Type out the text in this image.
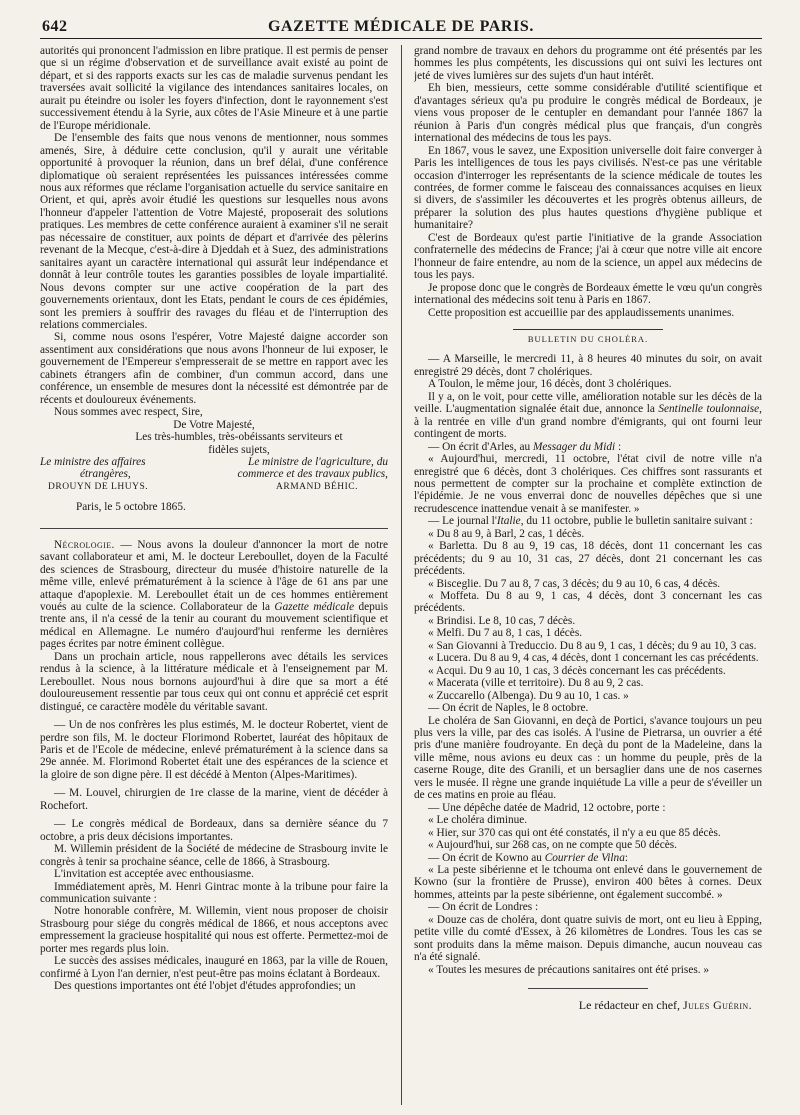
642	GAZETTE MÉDICALE DE PARIS.

autorités qui prononcent l'admission en libre pratique. Il est permis de penser que si un régime d'observation et de surveillance avait existé au point de départ, et si des rapports exacts sur les cas de maladie survenus pendant les traversées avait sollicité la vigilance des intendances sanitaires locales, on aurait pu éteindre ou isoler les foyers d'infection, dont le rayonnement s'est successivement étendu à la Syrie, aux côtes de l'Asie Mineure et à une partie de l'Europe méridionale.

De l'ensemble des faits que nous venons de mentionner, nous sommes amenés, Sire, à déduire cette conclusion, qu'il y aurait une véritable opportunité à provoquer la réunion, dans un bref délai, d'une conférence diplomatique où seraient représentées les puissances intéressées comme nous aux réformes que réclame l'organisation actuelle du service sanitaire en Orient, et qui, après avoir étudié les questions sur lesquelles nous avons l'honneur d'appeler l'attention de Votre Majesté, proposerait des solutions pratiques. Les membres de cette conférence auraient à examiner s'il ne serait pas nécessaire de constituer, aux points de départ et d'arrivée des pèlerins revenant de la Mecque, c'est-à-dire à Djeddah et à Suez, des administrations sanitaires ayant un caractère international qui assurât leur indépendance et donnât à leur contrôle toutes les garanties possibles de loyale impartialité. Nous devons compter sur une active coopération de la part des gouvernements orientaux, dont les Etats, pendant le cours de ces épidémies, sont les premiers à souffrir des ravages du fléau et de l'interruption des relations commerciales.

Si, comme nous osons l'espérer, Votre Majesté daigne accorder son assentiment aux considérations que nous avons l'honneur de lui exposer, le gouvernement de l'Empereur s'empresserait de se mettre en rapport avec les cabinets étrangers afin de combiner, d'un commun accord, dans une conférence, un ensemble de mesures dont la nécessité est démontrée par de récents et douloureux événements.

Nous sommes avec respect, Sire,

De Votre Majesté,

Les très-humbles, très-obéissants serviteurs et fidèles sujets,

Le ministre des affaires	Le ministre de l'agriculture, du
étrangères,	commerce et des travaux publics,
DROUYN DE LHUYS.	ARMAND BÉHIC.

Paris, le 5 octobre 1865.

Nécrologie. — Nous avons la douleur d'annoncer la mort de notre savant collaborateur et ami, M. le docteur Lereboullet, doyen de la Faculté des sciences de Strasbourg, directeur du musée d'histoire naturelle de la même ville, enlevé prématurément à la science à l'âge de 61 ans par une attaque d'apoplexie. M. Lereboullet était un de ces hommes entièrement voués au culte de la science. Collaborateur de la Gazette médicale depuis trente ans, il n'a cessé de la tenir au courant du mouvement scientifique et médical en Allemagne. Le numéro d'aujourd'hui renferme les dernières pages écrites par notre éminent collègue.

Dans un prochain article, nous rappellerons avec détails les services rendus à la science, à la littérature médicale et à l'enseignement par M. Lereboullet. Nous nous bornons aujourd'hui à dire que sa mort a été douloureusement ressentie par tous ceux qui ont connu et apprécié cet esprit distingué, ce caractère modèle du véritable savant.

— Un de nos confrères les plus estimés, M. le docteur Robertet, vient de perdre son fils, M. le docteur Florimond Robertet, lauréat des hôpitaux de Paris et de l'Ecole de médecine, enlevé prématurément à la science dans sa 29e année. M. Florimond Robertet était une des espérances de la science et la gloire de son digne père. Il est décédé à Menton (Alpes-Maritimes).

— M. Louvel, chirurgien de 1re classe de la marine, vient de décéder à Rochefort.

— Le congrès médical de Bordeaux, dans sa dernière séance du 7 octobre, a pris deux décisions importantes.

M. Willemin président de la Société de médecine de Strasbourg invite le congrès à tenir sa prochaine séance, celle de 1866, à Strasbourg.

L'invitation est acceptée avec enthousiasme.

Immédiatement après, M. Henri Gintrac monte à la tribune pour faire la communication suivante :

Notre honorable confrère, M. Willemin, vient nous proposer de choisir Strasbourg pour siége du congrès médical de 1866, et nous acceptons avec empressement la gracieuse hospitalité qui nous est offerte. Permettez-moi de porter mes regards plus loin.

Le succès des assises médicales, inauguré en 1863, par la ville de Rouen, confirmé à Lyon l'an dernier, n'est peut-être pas moins éclatant à Bordeaux.

Des questions importantes ont été l'objet d'études approfondies; un

grand nombre de travaux en dehors du programme ont été présentés par les hommes les plus compétents, les discussions qui ont suivi les lectures ont jeté de vives lumières sur des sujets d'un haut intérêt.

Eh bien, messieurs, cette somme considérable d'utilité scientifique et d'avantages sérieux qu'a pu produire le congrès médical de Bordeaux, je viens vous proposer de le centupler en demandant pour l'année 1867 la réunion à Paris d'un congrès médical plus que français, d'un congrès international des médecins de tous les pays.

En 1867, vous le savez, une Exposition universelle doit faire converger à Paris les intelligences de tous les pays civilisés. N'est-ce pas une véritable occasion d'interroger les représentants de la science médicale de toutes les contrées, de former comme le faisceau des connaissances acquises en lieux si divers, de s'assimiler les découvertes et les progrès obtenus ailleurs, de préparer la solution des plus hautes questions d'hygiène publique et humanitaire?

C'est de Bordeaux qu'est partie l'initiative de la grande Association confraternelle des médecins de France; j'ai à cœur que notre ville ait encore l'honneur de faire entendre, au nom de la science, un appel aux médecins de tous les pays.

Je propose donc que le congrès de Bordeaux émette le vœu qu'un congrès international des médecins soit tenu à Paris en 1867.

Cette proposition est accueillie par des applaudissements unanimes.

BULLETIN DU CHOLÉRA.

— A Marseille, le mercredi 11, à 8 heures 40 minutes du soir, on avait enregistré 29 décès, dont 7 cholériques.

A Toulon, le même jour, 16 décès, dont 3 cholériques.

Il y a, on le voit, pour cette ville, amélioration notable sur les décès de la veille. L'augmentation signalée était due, annonce la Sentinelle toulonnaise, à la rentrée en ville d'un grand nombre d'émigrants, qui ont fourni leur contingent de morts.

— On écrit d'Arles, au Messager du Midi :

« Aujourd'hui, mercredi, 11 octobre, l'état civil de notre ville n'a enregistré que 6 décès, dont 3 cholériques. Ces chiffres sont rassurants et nous permettent de compter sur la prochaine et complète extinction de l'épidémie. Je ne vous enverrai donc de nouvelles dépêches que si une recrudescence inattendue venait à se manifester. »

— Le journal l'Italie, du 11 octobre, publie le bulletin sanitaire suivant :

« Du 8 au 9, à Barl, 2 cas, 1 décès.

« Barletta. Du 8 au 9, 19 cas, 18 décès, dont 11 concernant les cas précédents; du 9 au 10, 31 cas, 27 décès, dont 21 concernant les cas précédents.

« Bisceglie. Du 7 au 8, 7 cas, 3 décès; du 9 au 10, 6 cas, 4 décès.

« Moffeta. Du 8 au 9, 1 cas, 4 décès, dont 3 concernant les cas précédents.

« Brindisi. Le 8, 10 cas, 7 décès.

« Melfi. Du 7 au 8, 1 cas, 1 décès.

« San Giovanni à Treduccio. Du 8 au 9, 1 cas, 1 décès; du 9 au 10, 3 cas.

« Lucera. Du 8 au 9, 4 cas, 4 décès, dont 1 concernant les cas précédents.

« Acqui. Du 9 au 10, 1 cas, 3 décès concernant les cas précédents.

« Macerata (ville et territoire). Du 8 au 9, 2 cas.

« Zuccarello (Albenga). Du 9 au 10, 1 cas. »

— On écrit de Naples, le 8 octobre.

Le choléra de San Giovanni, en deçà de Portici, s'avance toujours un peu plus vers la ville, par des cas isolés. A l'usine de Pietrarsa, un ouvrier a été pris d'une manière foudroyante. En deçà du pont de la Madeleine, dans la ville même, nous avions eu deux cas : un homme du peuple, près de la caserne Rouge, dite des Granili, et un bersaglier dans une de nos casernes vers le musée. Il règne une grande inquiétude La ville a peur de s'éveiller un de ces matins en proie au fléau.

— Une dépêche datée de Madrid, 12 octobre, porte :

« Le choléra diminue.

« Hier, sur 370 cas qui ont été constatés, il n'y a eu que 85 décès.

« Aujourd'hui, sur 268 cas, on ne compte que 50 décès.

— On écrit de Kowno au Courrier de Vilna:

« La peste sibérienne et le tchouma ont enlevé dans le gouvernement de Kowno (sur la frontière de Prusse), environ 400 bêtes à cornes. Deux hommes, atteints par la peste sibérienne, ont également succombé. »

— On écrit de Londres :

« Douze cas de choléra, dont quatre suivis de mort, ont eu lieu à Epping, petite ville du comté d'Essex, à 26 kilomètres de Londres. Tous les cas se sont produits dans la même maison. Depuis dimanche, aucun nouveau cas n'a été signalé.

« Toutes les mesures de précautions sanitaires ont été prises. »

Le rédacteur en chef, Jules Guérin.
